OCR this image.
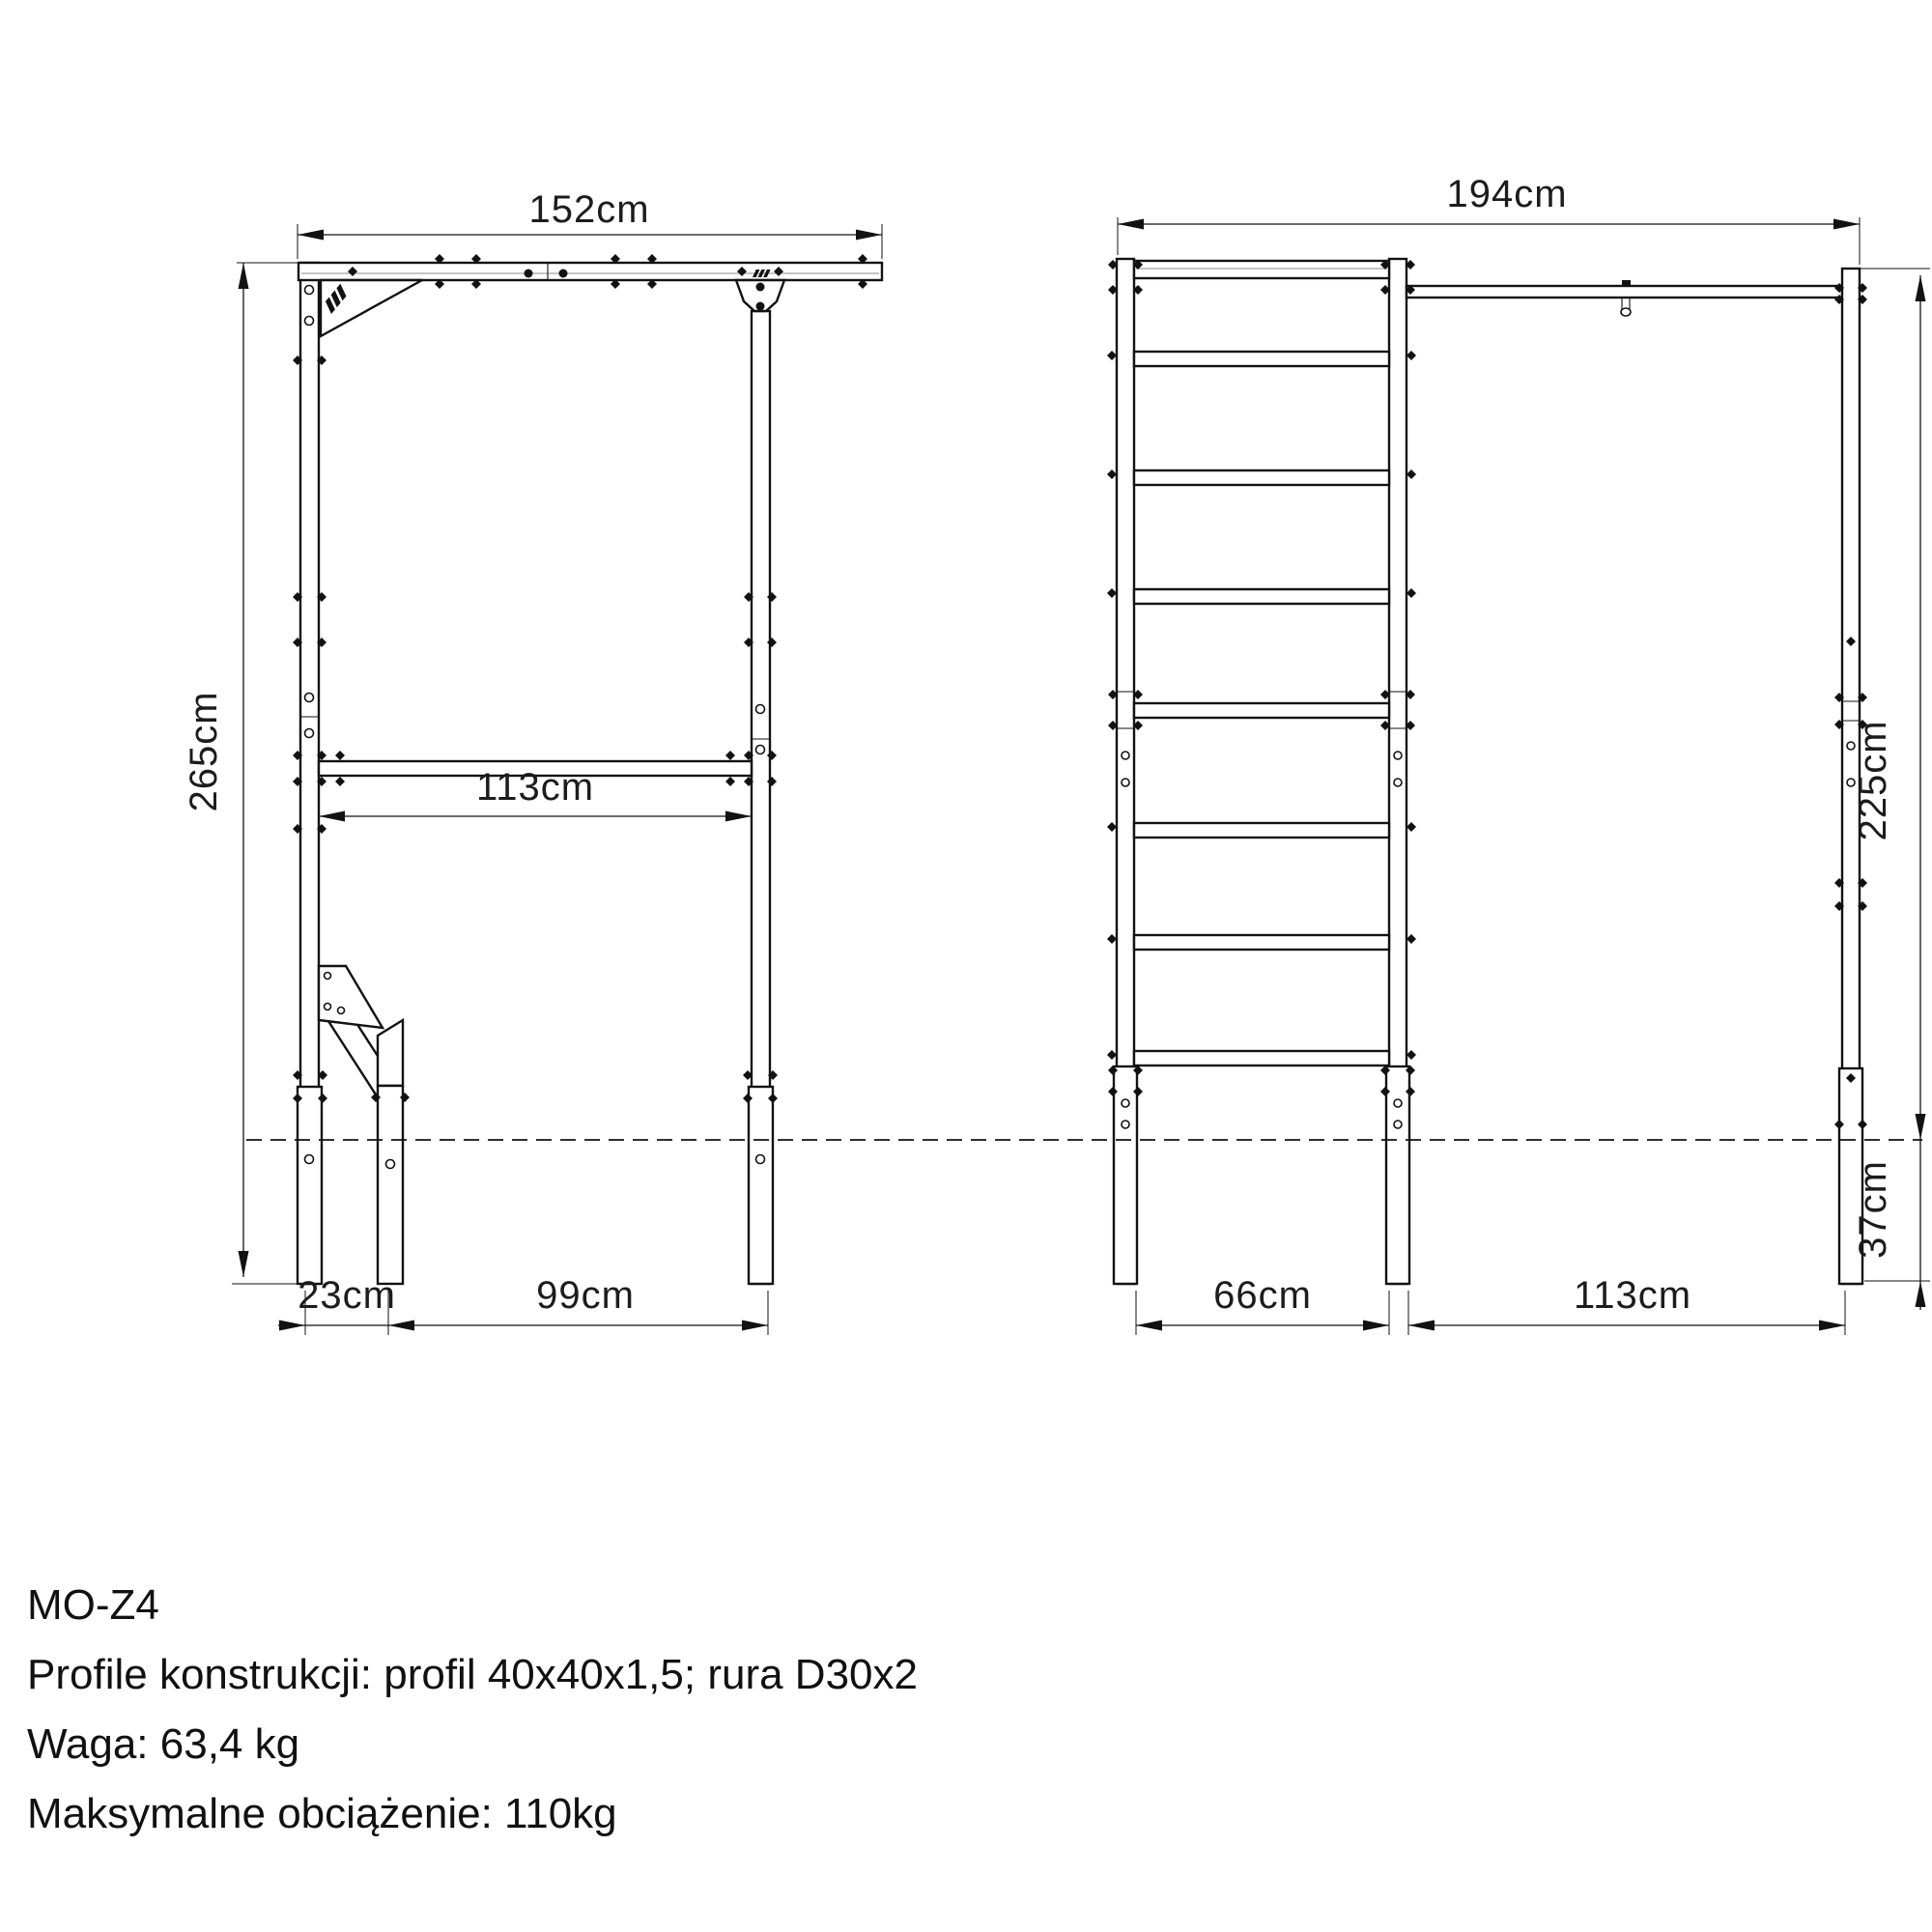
152cm
265cm	113cm
23cm	99cm
194cm
66cm	113cm
225cm
37cm
MO-Z4
Profile konstrukcji: profil 40x40x1,5; rura D30x2
Waga: 63,4 kg
Maksymalne obciążenie: 110kg
